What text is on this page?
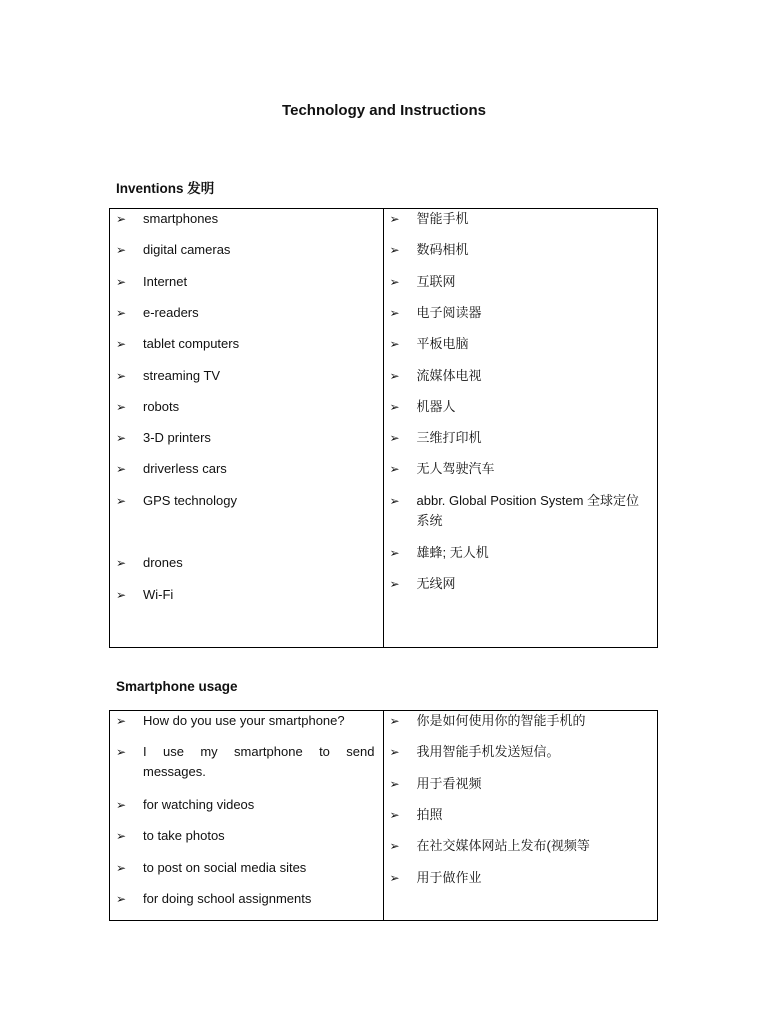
Technology and Instructions
Inventions 发明
➢ smartphones
➢ digital cameras
➢ Internet
➢ e-readers
➢ tablet computers
➢ streaming TV
➢ robots
➢ 3-D printers
➢ driverless cars
➢ GPS technology
➢ drones
➢ Wi-Fi
➢ 智能手机
➢ 数码相机
➢ 互联网
➢ 电子阅读器
➢ 平板电脑
➢ 流媒体电视
➢ 机器人
➢ 三维打印机
➢ 无人驾驶汽车
➢ abbr. Global Position System 全球定位系统
➢ 雄蜂; 无人机
➢ 无线网
Smartphone usage
➢ How do you use your smartphone?
➢ I use my smartphone to send messages.
➢ for watching videos
➢ to take photos
➢ to post on social media sites
➢ for doing school assignments
➢ 你是如何使用你的智能手机的
➢ 我用智能手机发送短信。
➢ 用于看视频
➢ 拍照
➢ 在社交媒体网站上发布(视频等
➢ 用于做作业
